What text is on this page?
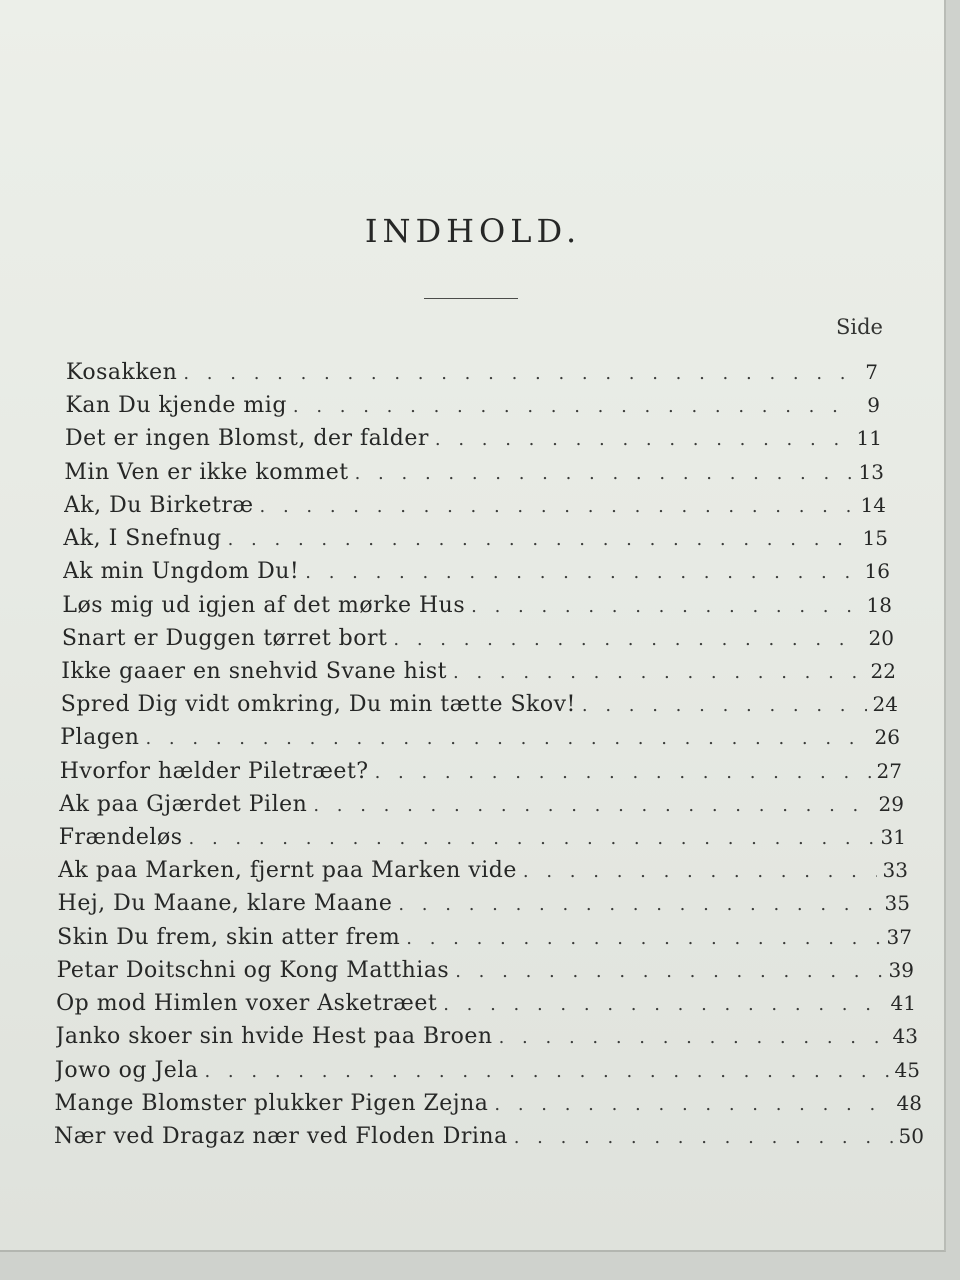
INDHOLD.
Side
Kosakken . . .	7
Kan Du kjende mig . . .	9
Det er ingen Blomst, der falder . . .	11
Min Ven er ikke kommet . . .	13
Ak, Du Birketræ . . .	14
Ak, I Snefnug . . .	15
Ak min Ungdom Du! . . .	16
Løs mig ud igjen af det mørke Hus . . .	18
Snart er Duggen tørret bort . . .	20
Ikke gaaer en snehvid Svane hist . . .	22
Spred Dig vidt omkring, Du min tætte Skov! . . .	24
Plagen . . .	26
Hvorfor hælder Piletræet? . . .	27
Ak paa Gjærdet Pilen . . .	29
Frændeløs . . .	31
Ak paa Marken, fjernt paa Marken vide . . .	33
Hej, Du Maane, klare Maane . . .	35
Skin Du frem, skin atter frem . . .	37
Petar Doitschni og Kong Matthias . . .	39
Op mod Himlen voxer Asketræet . . .	41
Janko skoer sin hvide Hest paa Broen . . .	43
Jowo og Jela . . .	45
Mange Blomster plukker Pigen Zejna . . .	48
Nær ved Dragaz nær ved Floden Drina . . .	50
